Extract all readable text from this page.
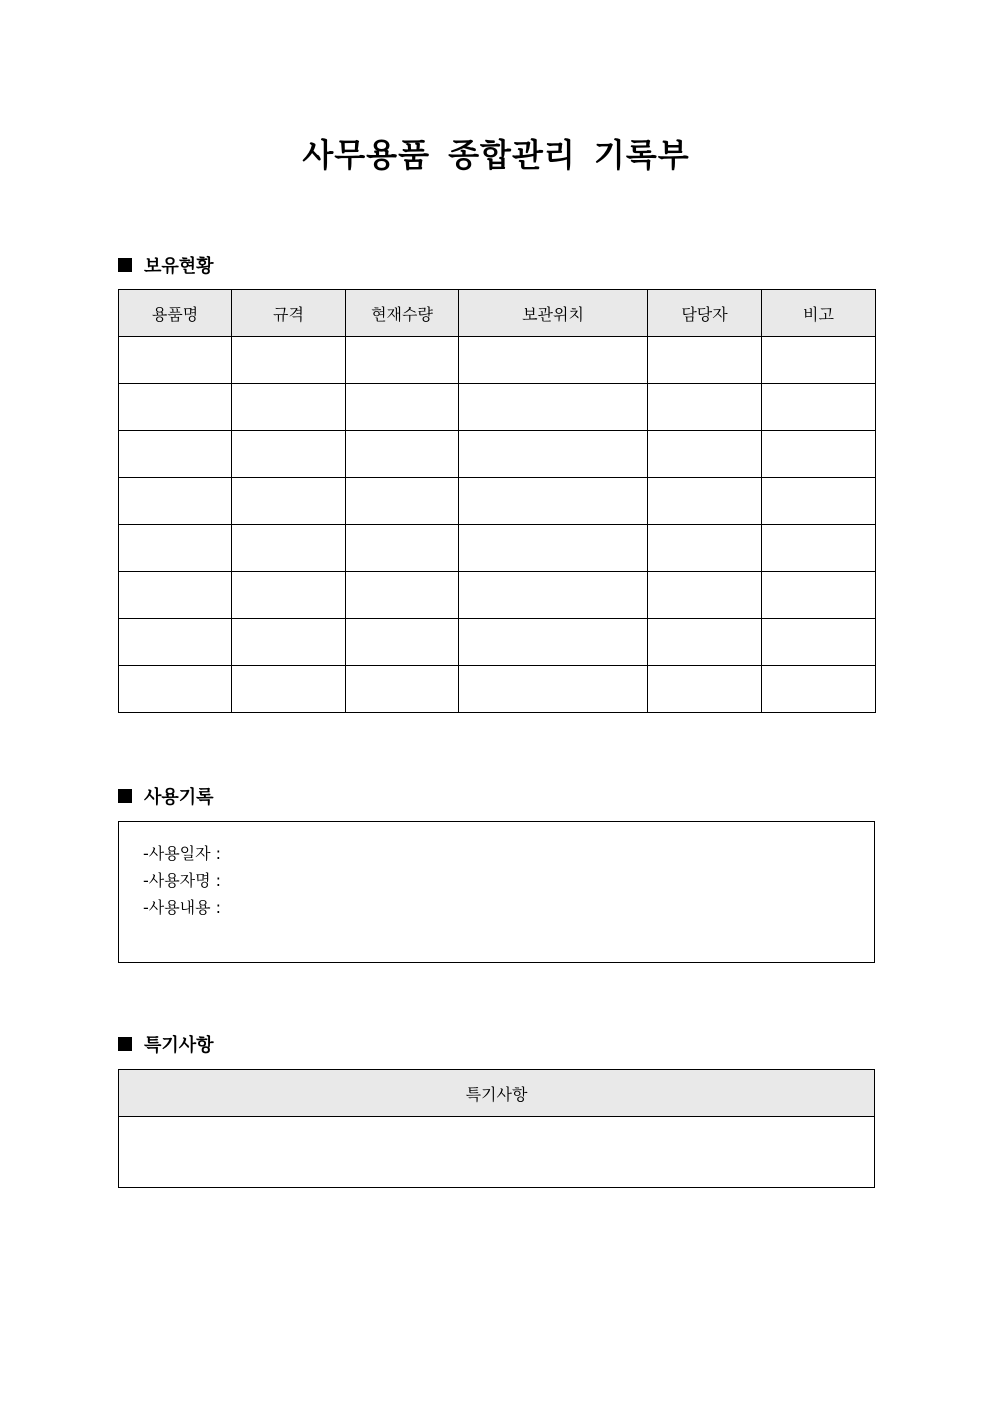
사무용품 종합관리 기록부
보유현황
용품명	규격	현재수량	보관위치	담당자	비고

사용기록
-사용일자 :
-사용자명 :
-사용내용 :
특기사항
특기사항
